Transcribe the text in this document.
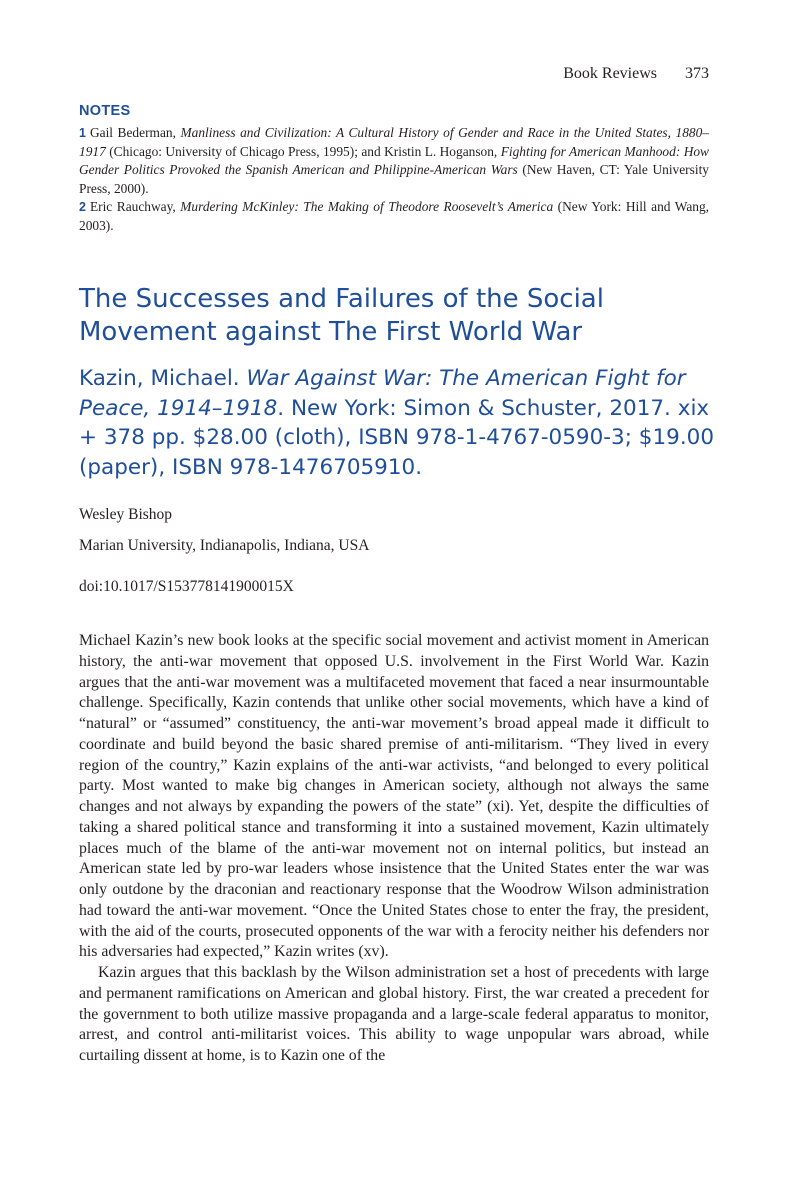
Book Reviews 373
NOTES

1 Gail Bederman, Manliness and Civilization: A Cultural History of Gender and Race in the United States, 1880–1917 (Chicago: University of Chicago Press, 1995); and Kristin L. Hoganson, Fighting for American Manhood: How Gender Politics Provoked the Spanish American and Philippine-American Wars (New Haven, CT: Yale University Press, 2000).

2 Eric Rauchway, Murdering McKinley: The Making of Theodore Roosevelt’s America (New York: Hill and Wang, 2003).

The Successes and Failures of the Social Movement against The First World War

Kazin, Michael. War Against War: The American Fight for Peace, 1914–1918. New York: Simon & Schuster, 2017. xix + 378 pp. $28.00 (cloth), ISBN 978-1-4767-0590-3; $19.00 (paper), ISBN 978-1476705910.

Wesley Bishop
Marian University, Indianapolis, Indiana, USA
doi:10.1017/S153778141900015X

Michael Kazin’s new book looks at the specific social movement and activist moment in American history, the anti-war movement that opposed U.S. involvement in the First World War. Kazin argues that the anti-war movement was a multifaceted movement that faced a near insurmountable challenge. Specifically, Kazin contends that unlike other social movements, which have a kind of “natural” or “assumed” constituency, the anti-war movement’s broad appeal made it difficult to coordinate and build beyond the basic shared premise of anti-militarism. “They lived in every region of the country,” Kazin explains of the anti-war activists, “and belonged to every political party. Most wanted to make big changes in American society, although not always the same changes and not always by expanding the powers of the state” (xi). Yet, despite the difficulties of taking a shared political stance and transforming it into a sustained movement, Kazin ultimately places much of the blame of the anti-war movement not on internal politics, but instead an American state led by pro-war leaders whose insistence that the United States enter the war was only outdone by the draconian and reactionary response that the Woodrow Wilson administration had toward the anti-war movement. “Once the United States chose to enter the fray, the president, with the aid of the courts, prosecuted opponents of the war with a ferocity neither his defenders nor his adversaries had expected,” Kazin writes (xv).

Kazin argues that this backlash by the Wilson administration set a host of precedents with large and permanent ramifications on American and global history. First, the war created a precedent for the government to both utilize massive propaganda and a large-scale federal apparatus to monitor, arrest, and control anti-militarist voices. This ability to wage unpopular wars abroad, while curtailing dissent at home, is to Kazin one of the
